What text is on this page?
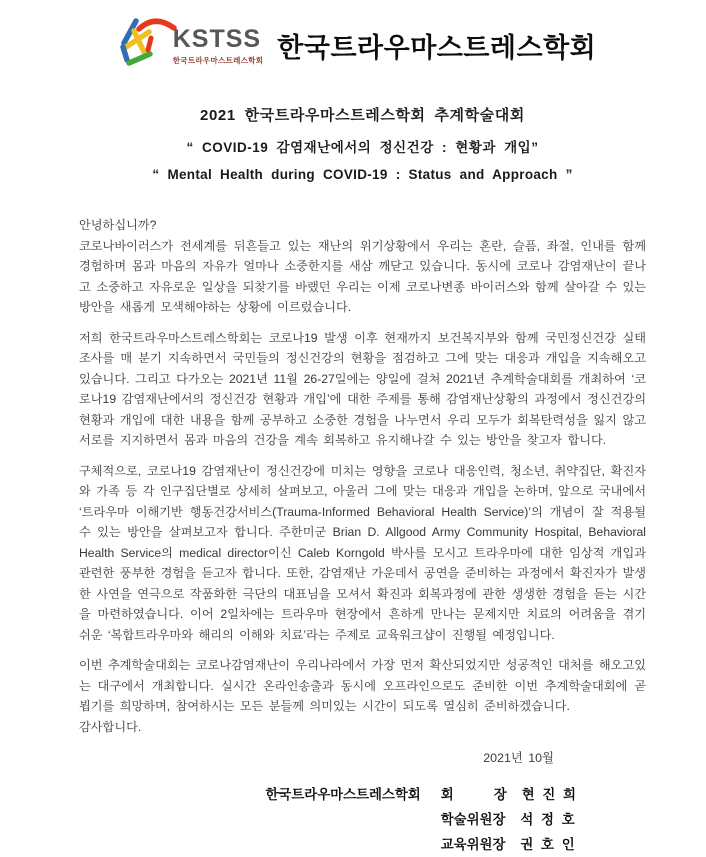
KSTSS
한국트라우마스트레스학회 한국트라우마스트레스학회
2021 한국트라우마스트레스학회 추계학술대회
“ COVID-19 감염재난에서의 정신건강 : 현황과 개입”
“ Mental Health during COVID-19 : Status and Approach ”

안녕하십니까?

코로나바이러스가 전세계를 뒤흔들고 있는 재난의 위기상황에서 우리는 혼란, 슬픔, 좌절, 인내를 함께 경험하며 몸과 마음의 자유가 얼마나 소중한지를 새삼 깨닫고 있습니다. 동시에 코로나 감염재난이 끝나고 소중하고 자유로운 일상을 되찾기를 바랬던 우리는 이제 코로나변종 바이러스와 함께 살아갈 수 있는 방안을 새롭게 모색해야하는 상황에 이르렀습니다.

저희 한국트라우마스트레스학회는 코로나19 발생 이후 현재까지 보건복지부와 함께 국민정신건강 실태조사를 매 분기 지속하면서 국민들의 정신건강의 현황을 점검하고 그에 맞는 대응과 개입을 지속해오고 있습니다. 그리고 다가오는 2021년 11월 26-27일에는 양일에 걸쳐 2021년 추계학술대회를 개최하여 ‘코로나19 감염재난에서의 정신건강 현황과 개입’에 대한 주제를 통해 감염재난상황의 과정에서 정신건강의 현황과 개입에 대한 내용을 함께 공부하고 소중한 경험을 나누면서 우리 모두가 회복탄력성을 잃지 않고 서로를 지지하면서 몸과 마음의 건강을 계속 회복하고 유지해나갈 수 있는 방안을 찾고자 합니다.

구체적으로, 코로나19 감염재난이 정신건강에 미치는 영향을 코로나 대응인력, 청소년, 취약집단, 확진자와 가족 등 각 인구집단별로 상세히 살펴보고, 아울러 그에 맞는 대응과 개입을 논하며, 앞으로 국내에서 ‘트라우마 이해기반 행동건강서비스(Trauma-Informed Behavioral Health Service)’의 개념이 잘 적용될 수 있는 방안을 살펴보고자 합니다. 주한미군 Brian D. Allgood Army Community Hospital, Behavioral Health Service의 medical director이신 Caleb Korngold 박사를 모시고 트라우마에 대한 임상적 개입과 관련한 풍부한 경험을 듣고자 합니다. 또한, 감염재난 가운데서 공연을 준비하는 과정에서 확진자가 발생한 사연을 연극으로 작품화한 극단의 대표님을 모셔서 확진과 회복과정에 관한 생생한 경험을 듣는 시간을 마련하였습니다. 이어 2일차에는 트라우마 현장에서 흔하게 만나는 문제지만 치료의 어려움을 겪기 쉬운 ‘복합트라우마와 해리의 이해와 치료’라는 주제로 교육워크샵이 진행될 예정입니다.

이번 추계학술대회는 코로나감염재난이 우리나라에서 가장 먼저 확산되었지만 성공적인 대처를 해오고있는 대구에서 개최합니다. 실시간 온라인송출과 동시에 오프라인으로도 준비한 이번 추계학술대회에 곧 뵙기를 희망하며, 참여하시는 모든 분들께 의미있는 시간이 되도록 열심히 준비하겠습니다.

감사합니다.

2021년 10월
한국트라우마스트레스학회 회　　　장 현 진 희
학술위원장 석 정 호
교육위원장 권 호 인
